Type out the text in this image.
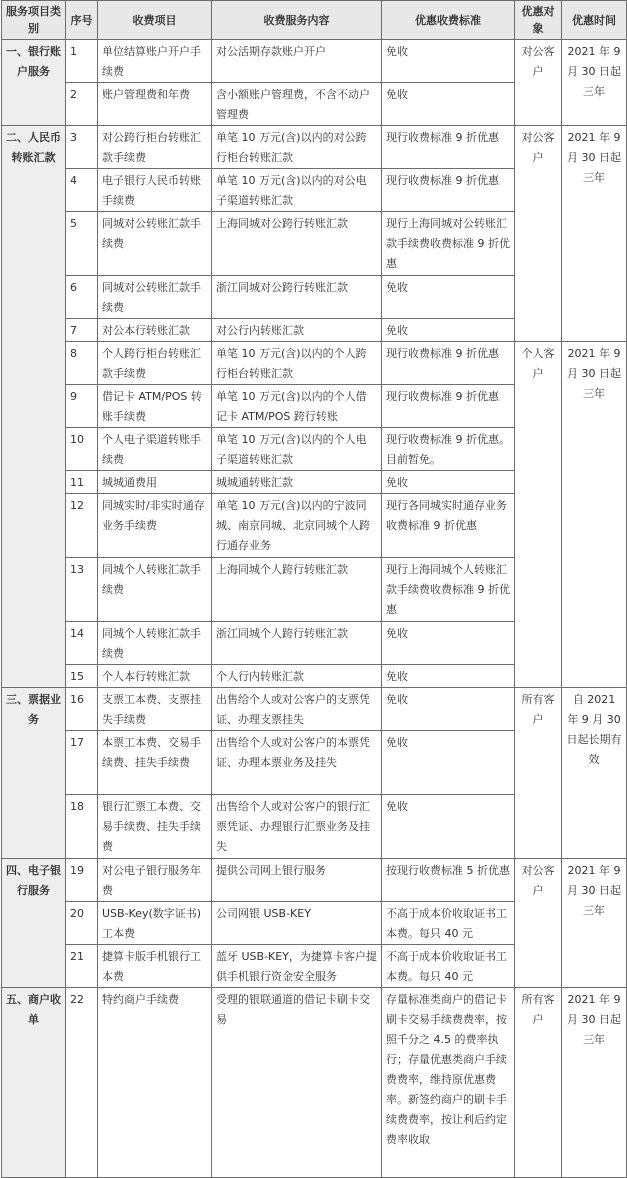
服务项目类别	序号	收费项目	收费服务内容	优惠收费标准	优惠对象	优惠时间
一、银行账户服务	1	单位结算账户开户手续费	对公活期存款账户开户	免收	对公客户	2021 年 9 月 30 日起三年
	2	账户管理费和年费	含小额账户管理费，不含不动户管理费	免收		
二、人民币转账汇款	3	对公跨行柜台转账汇款手续费	单笔 10 万元(含)以内的对公跨行柜台转账汇款	现行收费标准 9 折优惠	对公客户	2021 年 9 月 30 日起三年
	4	电子银行人民币转账手续费	单笔 10 万元(含)以内的对公电子渠道转账汇款	现行收费标准 9 折优惠		
	5	同城对公转账汇款手续费	上海同城对公跨行转账汇款	现行上海同城对公转账汇款手续费收费标准 9 折优惠		
	6	同城对公转账汇款手续费	浙江同城对公跨行转账汇款	免收		
	7	对公本行转账汇款	对公行内转账汇款	免收		
	8	个人跨行柜台转账汇款手续费	单笔 10 万元(含)以内的个人跨行柜台转账汇款	现行收费标准 9 折优惠	个人客户	2021 年 9 月 30 日起三年
	9	借记卡 ATM/POS 转账手续费	单笔 10 万元(含)以内的个人借记卡 ATM/POS 跨行转账	现行收费标准 9 折优惠		
	10	个人电子渠道转账手续费	单笔 10 万元(含)以内的个人电子渠道转账汇款	现行收费标准 9 折优惠。目前暂免。		
	11	城城通费用	城城通转账汇款	免收		
	12	同城实时/非实时通存业务手续费	单笔 10 万元(含)以内的宁波同城、南京同城、北京同城个人跨行通存业务	现行各同城实时通存业务收费标准 9 折优惠		
	13	同城个人转账汇款手续费	上海同城个人跨行转账汇款	现行上海同城个人转账汇款手续费收费标准 9 折优惠		
	14	同城个人转账汇款手续费	浙江同城个人跨行转账汇款	免收		
	15	个人本行转账汇款	个人行内转账汇款	免收		
三、票据业务	16	支票工本费、支票挂失手续费	出售给个人或对公客户的支票凭证、办理支票挂失	免收	所有客户	自 2021 年 9 月 30 日起长期有效
	17	本票工本费、交易手续费、挂失手续费	出售给个人或对公客户的本票凭证、办理本票业务及挂失	免收		
	18	银行汇票工本费、交易手续费、挂失手续费	出售给个人或对公客户的银行汇票凭证、办理银行汇票业务及挂失	免收		
四、电子银行服务	19	对公电子银行服务年费	提供公司网上银行服务	按现行收费标准 5 折优惠	对公客户	2021 年 9 月 30 日起三年
	20	USB-Key(数字证书)工本费	公司网银 USB-KEY	不高于成本价收取证书工本费。每只 40 元		
	21	捷算卡版手机银行工本费	蓝牙 USB-KEY，为捷算卡客户提供手机银行资金安全服务	不高于成本价收取证书工本费。每只 40 元		
五、商户收单	22	特约商户手续费	受理的银联通道的借记卡刷卡交易	存量标准类商户的借记卡刷卡交易手续费费率，按照千分之 4.5 的费率执行；存量优惠类商户手续费费率，维持原优惠费率。新签约商户的刷卡手续费费率，按让利后约定费率收取	所有客户	2021 年 9 月 30 日起三年
